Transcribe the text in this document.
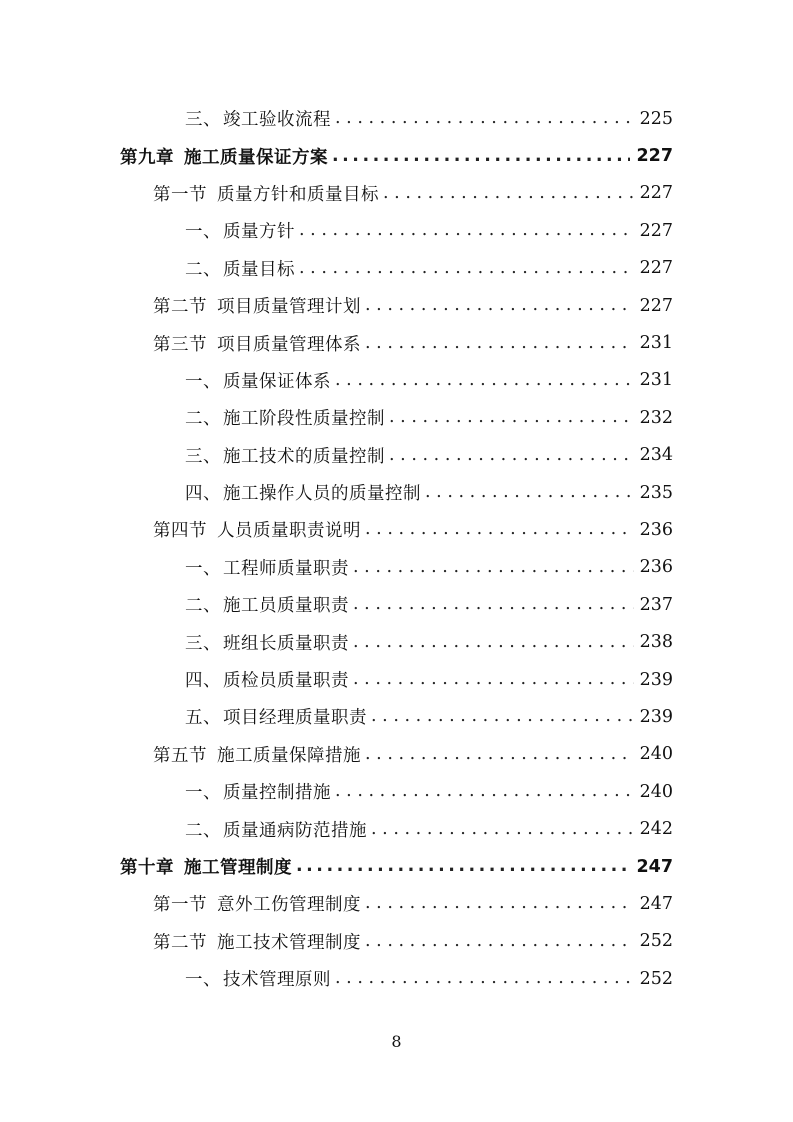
三、 竣工验收流程 .....	225
第九章 施工质量保证方案 .....	227
第一节 质量方针和质量目标 .....	227
一、 质量方针 .....	227
二、 质量目标 .....	227
第二节 项目质量管理计划 .....	227
第三节 项目质量管理体系 .....	231
一、 质量保证体系 .....	231
二、 施工阶段性质量控制 .....	232
三、 施工技术的质量控制 .....	234
四、 施工操作人员的质量控制 .....	235
第四节 人员质量职责说明 .....	236
一、 工程师质量职责 .....	236
二、 施工员质量职责 .....	237
三、 班组长质量职责 .....	238
四、 质检员质量职责 .....	239
五、 项目经理质量职责 .....	239
第五节 施工质量保障措施 .....	240
一、 质量控制措施 .....	240
二、 质量通病防范措施 .....	242
第十章 施工管理制度 .....	247
第一节 意外工伤管理制度 .....	247
第二节 施工技术管理制度 .....	252
一、 技术管理原则 .....	252
8
